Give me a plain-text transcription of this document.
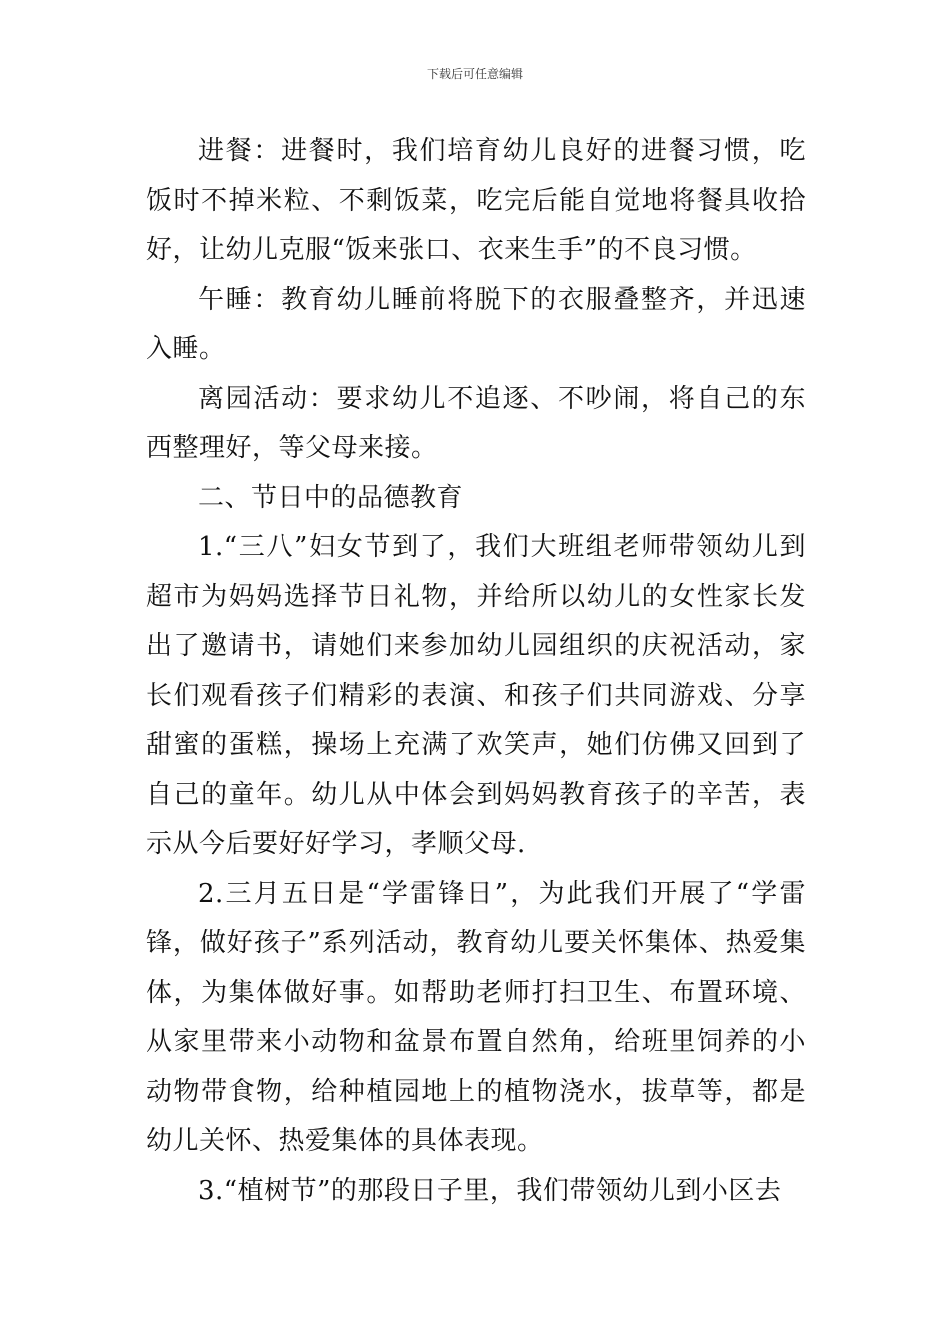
下载后可任意编辑

进餐：进餐时，我们培育幼儿良好的进餐习惯，吃饭时不掉米粒、不剩饭菜，吃完后能自觉地将餐具收拾好，让幼儿克服“饭来张口、衣来生手”的不良习惯。

午睡：教育幼儿睡前将脱下的衣服叠整齐，并迅速入睡。

离园活动：要求幼儿不追逐、不吵闹，将自己的东西整理好，等父母来接。

二、节日中的品德教育

1.“三八”妇女节到了，我们大班组老师带领幼儿到超市为妈妈选择节日礼物，并给所以幼儿的女性家长发出了邀请书，请她们来参加幼儿园组织的庆祝活动，家长们观看孩子们精彩的表演、和孩子们共同游戏、分享甜蜜的蛋糕，操场上充满了欢笑声，她们仿佛又回到了自己的童年。幼儿从中体会到妈妈教育孩子的辛苦，表示从今后要好好学习，孝顺父母.

2.三月五日是“学雷锋日”，为此我们开展了“学雷锋，做好孩子”系列活动，教育幼儿要关怀集体、热爱集体，为集体做好事。如帮助老师打扫卫生、布置环境、从家里带来小动物和盆景布置自然角，给班里饲养的小动物带食物，给种植园地上的植物浇水，拔草等，都是幼儿关怀、热爱集体的具体表现。

3.“植树节”的那段日子里，我们带领幼儿到小区去
